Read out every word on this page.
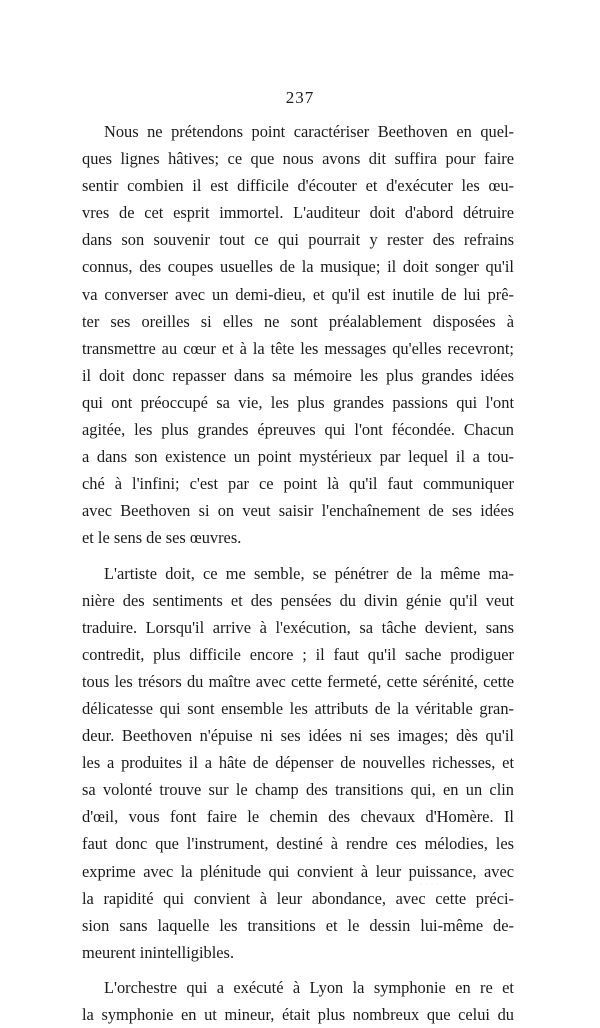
237
Nous ne prétendons point caractériser Beethoven en quel-
ques lignes hâtives; ce que nous avons dit suffira pour faire
sentir combien il est difficile d'écouter et d'exécuter les œu-
vres de cet esprit immortel. L'auditeur doit d'abord détruire
dans son souvenir tout ce qui pourrait y rester des refrains
connus, des coupes usuelles de la musique; il doit songer qu'il
va converser avec un demi-dieu, et qu'il est inutile de lui prê-
ter ses oreilles si elles ne sont préalablement disposées à
transmettre au cœur et à la tête les messages qu'elles recevront;
il doit donc repasser dans sa mémoire les plus grandes idées
qui ont préoccupé sa vie, les plus grandes passions qui l'ont
agitée, les plus grandes épreuves qui l'ont fécondée. Chacun
a dans son existence un point mystérieux par lequel il a tou-
ché à l'infini; c'est par ce point là qu'il faut communiquer
avec Beethoven si on veut saisir l'enchaînement de ses idées
et le sens de ses œuvres.
L'artiste doit, ce me semble, se pénétrer de la même ma-
nière des sentiments et des pensées du divin génie qu'il veut
traduire. Lorsqu'il arrive à l'exécution, sa tâche devient, sans
contredit, plus difficile encore ; il faut qu'il sache prodiguer
tous les trésors du maître avec cette fermeté, cette sérénité, cette
délicatesse qui sont ensemble les attributs de la véritable gran-
deur. Beethoven n'épuise ni ses idées ni ses images; dès qu'il
les a produites il a hâte de dépenser de nouvelles richesses, et
sa volonté trouve sur le champ des transitions qui, en un clin
d'œil, vous font faire le chemin des chevaux d'Homère. Il
faut donc que l'instrument, destiné à rendre ces mélodies, les
exprime avec la plénitude qui convient à leur puissance, avec
la rapidité qui convient à leur abondance, avec cette préci-
sion sans laquelle les transitions et le dessin lui-même de-
meurent inintelligibles.
L'orchestre qui a exécuté à Lyon la symphonie en re et
la symphonie en ut mineur, était plus nombreux que celui du
· · · ·
